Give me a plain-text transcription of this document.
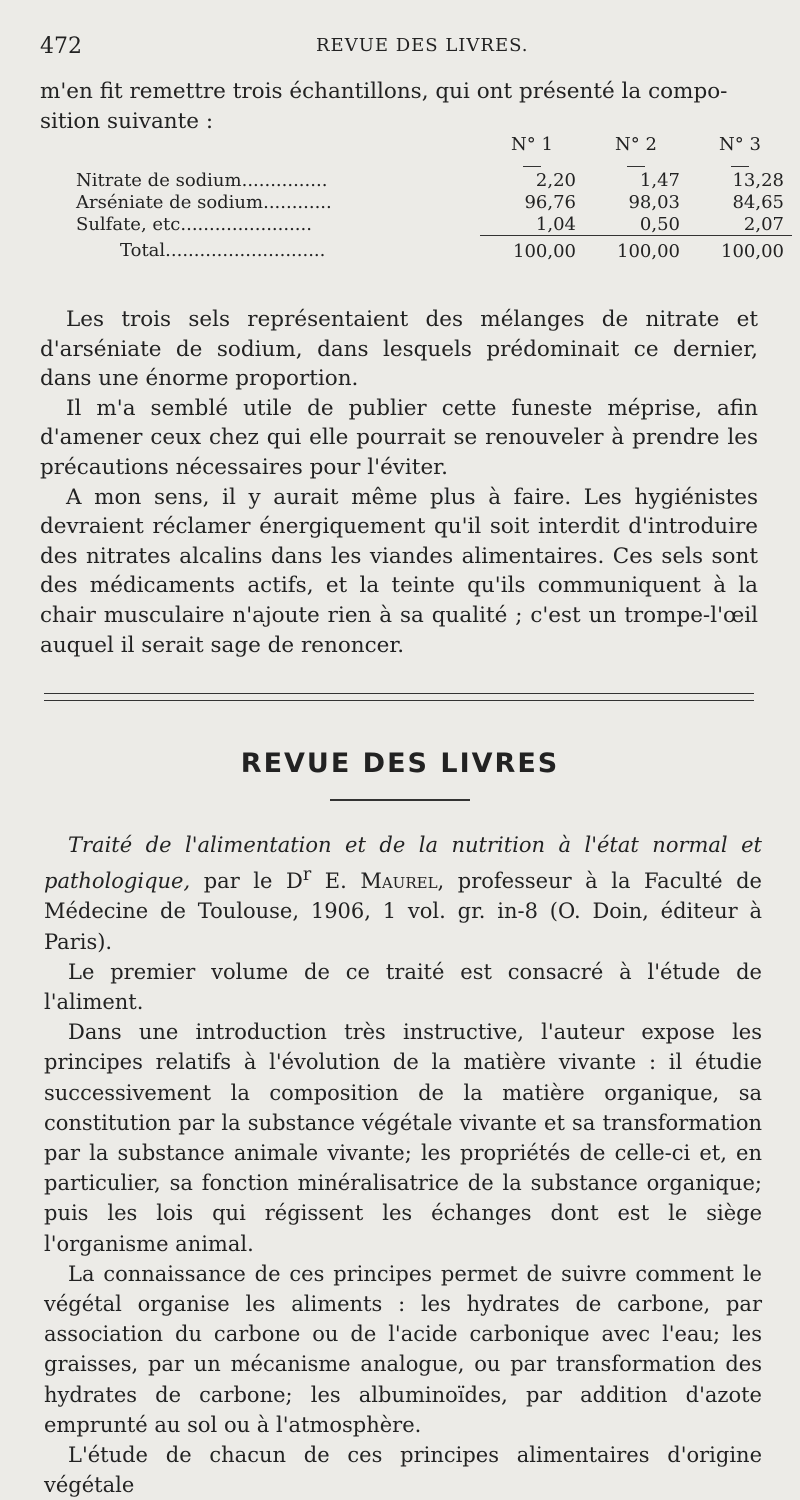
472	REVUE DES LIVRES.
m'en fit remettre trois échantillons, qui ont présenté la compo-
sition suivante :
	N° 1	N° 2	N° 3

Nitrate de sodium...............	2,20	1,47	13,28
Arséniate de sodium............	96,76	98,03	84,65
Sulfate, etc.......................	1,04	0,50	2,07
Total............................	100,00	100,00	100,00

Les trois sels représentaient des mélanges de nitrate et d'arséniate de sodium, dans lesquels prédominait ce dernier, dans une énorme proportion.

Il m'a semblé utile de publier cette funeste méprise, afin d'amener ceux chez qui elle pourrait se renouveler à prendre les précautions nécessaires pour l'éviter.

A mon sens, il y aurait même plus à faire. Les hygiénistes devraient réclamer énergiquement qu'il soit interdit d'introduire des nitrates alcalins dans les viandes alimentaires. Ces sels sont des médicaments actifs, et la teinte qu'ils communiquent à la chair musculaire n'ajoute rien à sa qualité ; c'est un trompe-l'œil auquel il serait sage de renoncer.

REVUE DES LIVRES

Traité de l'alimentation et de la nutrition à l'état normal et pathologique, par le $D^r$ E. Maurel, professeur à la Faculté de Médecine de Toulouse, 1906, 1 vol. gr. in-8 (O. Doin, éditeur à Paris).

Le premier volume de ce traité est consacré à l'étude de l'aliment.

Dans une introduction très instructive, l'auteur expose les principes relatifs à l'évolution de la matière vivante : il étudie successivement la composition de la matière organique, sa constitution par la substance végétale vivante et sa transformation par la substance animale vivante; les propriétés de celle-ci et, en particulier, sa fonction minéralisatrice de la substance organique; puis les lois qui régissent les échanges dont est le siège l'organisme animal.

La connaissance de ces principes permet de suivre comment le végétal organise les aliments : les hydrates de carbone, par association du carbone ou de l'acide carbonique avec l'eau; les graisses, par un mécanisme analogue, ou par transformation des hydrates de carbone; les albuminoïdes, par addition d'azote emprunté au sol ou à l'atmosphère.

L'étude de chacun de ces principes alimentaires d'origine végétale
